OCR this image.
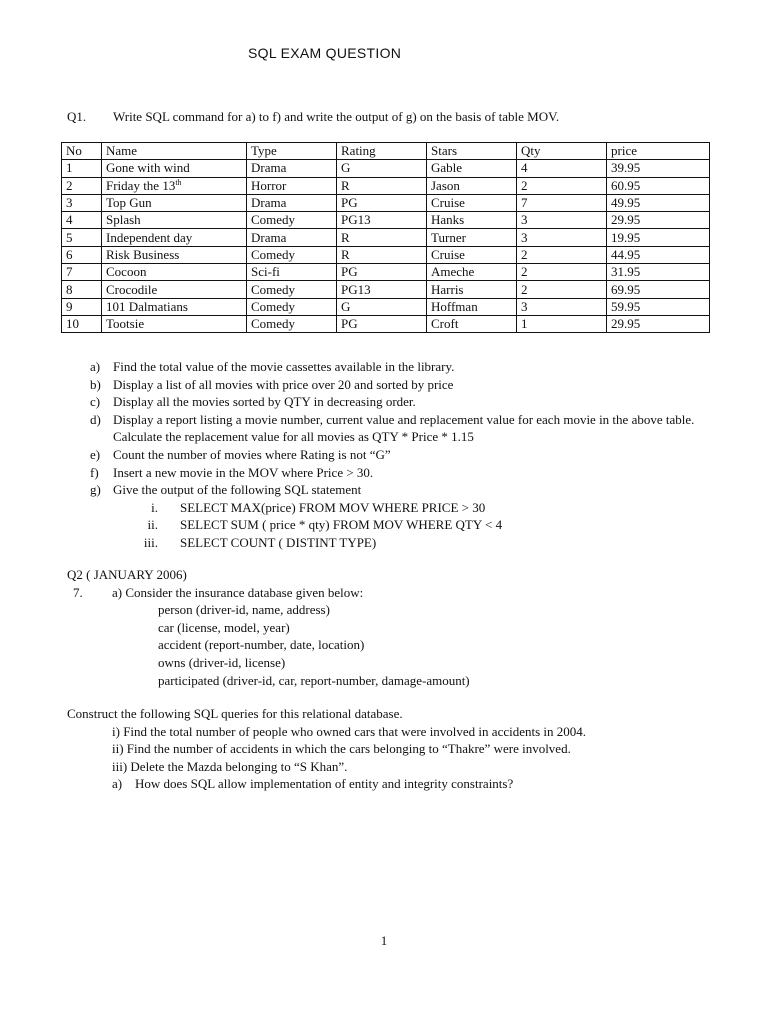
SQL EXAM QUESTION
Q1. Write SQL command for a) to f) and write the output of g) on the basis of table MOV.
No	Name	Type	Rating	Stars	Qty	price
1	Gone with wind	Drama	G	Gable	4	39.95
2	Friday the 13th	Horror	R	Jason	2	60.95
3	Top Gun	Drama	PG	Cruise	7	49.95
4	Splash	Comedy	PG13	Hanks	3	29.95
5	Independent day	Drama	R	Turner	3	19.95
6	Risk Business	Comedy	R	Cruise	2	44.95
7	Cocoon	Sci-fi	PG	Ameche	2	31.95
8	Crocodile	Comedy	PG13	Harris	2	69.95
9	101 Dalmatians	Comedy	G	Hoffman	3	59.95
10	Tootsie	Comedy	PG	Croft	1	29.95
a) Find the total value of the movie cassettes available in the library.
b) Display a list of all movies with price over 20 and sorted by price
c) Display all the movies sorted by QTY in decreasing order.
d) Display a report listing a movie number, current value and replacement value for each movie in the above table. Calculate the replacement value for all movies as QTY * Price * 1.15
e) Count the number of movies where Rating is not “G”
f)	Insert a new movie in the MOV where Price > 30.
g) Give the output of the following SQL statement
i.	SELECT MAX(price) FROM MOV WHERE PRICE > 30
ii.	SELECT SUM ( price * qty) FROM MOV WHERE QTY < 4
iii.	SELECT COUNT ( DISTINT TYPE)
Q2 ( JANUARY 2006)
7.	a) Consider the insurance database given below:
person (driver-id, name, address)
car (license, model, year)
accident (report-number, date, location)
owns (driver-id, license)
participated (driver-id, car, report-number, damage-amount)
Construct the following SQL queries for this relational database.
i) Find the total number of people who owned cars that were involved in accidents in 2004.
ii) Find the number of accidents in which the cars belonging to “Thakre” were involved.
iii) Delete the Mazda belonging to “S Khan”.
a) How does SQL allow implementation of entity and integrity constraints?
1
